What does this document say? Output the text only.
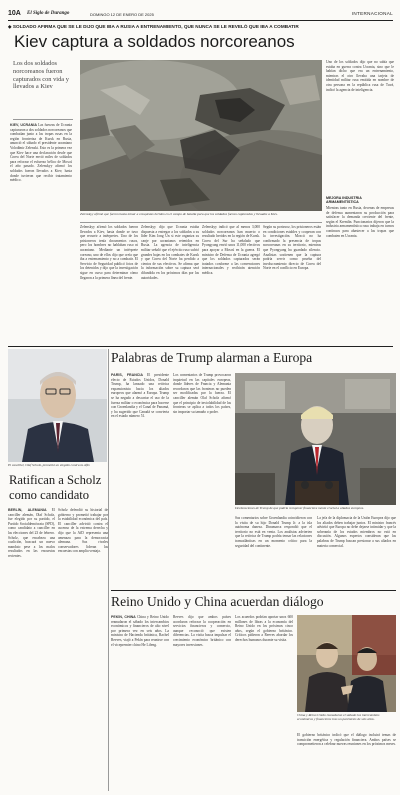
10A El Siglo de Durango	DOMINGO 12 DE ENERO DE 2025	INTERNACIONAL
◆ SOLDADO AFIRMA QUE SE LE DIJO QUE IBA A RUSIA A ENTRENAMIENTO, QUE NUNCA SE LE REVELÓ QUE IBA A COMBATIR
Kiev captura a soldados norcoreanos
Los dos soldados norcoreanos fueron capturados con vida y llevados a Kiev
KIEV, UCRANIA Las fuerzas de Ucrania capturaron a dos soldados norcoreanos que combatían junto a las tropas rusas en la región fronteriza de Kursk en Rusia, anunció el sábado el presidente ucraniano Volodímir Zelenski. Esto es la primera vez que Kiev hace una declaración desde que Corea del Norte envió miles de soldados para reforzar el esfuerzo bélico de Moscú el año pasado. Zelenskyy afirmó los soldados fueron llevados a Kiev, hasta donde tuvieron que recibir tratamiento médico.
Zelenskyy afirmó que fueron hasta minar a conquistas heridos en el campo de batalla para que los soldados fueran capturados y llevados a Kiev.
Zelenskyy afirmó los soldados fueron llevados a Kiev, hasta donde se tuvo que recurrir a intérpretes. Uno de los prisioneros tenía documentos rusos, pero los hombres no hablaban ruso ni ucraniano. Mediante un intérprete coreano, uno de ellos dijo que creía que iba a entrenamiento y no a combatir. El Servicio de Seguridad publicó fotos de los detenidos y dijo que la investigación sigue en curso para determinar cómo llegaron a la primera línea del frente.
Zelenskyy dijo que Ucrania estaba dispuesta a entregar a los soldados a su líder Kim Jong Un si este organiza su canje por ucranianos retenidos en Rusia. La agencia de inteligencia militar señaló que el ejército ruso sufrió grandes bajas en los combates de Kursk y que Corea del Norte ha perdido a cientos de sus efectivos. Se afirma que la información sobre su captura será difundida en los próximos días por las autoridades.
Zelenskyy indicó que al menos 3,000 soldados norcoreanos han muerto o resultado heridos en la región de Kursk. Corea del Sur ha señalado que Pyongyang envió unos 11,000 efectivos para apoyar a Moscú en la guerra. El ministro de Defensa de Ucrania agregó que los soldados capturados serán tratados conforme a las convenciones internacionales y recibirán atención médica.
Según su portavoz, los prisioneros están en condiciones estables y cooperan con la investigación. Moscú no ha confirmado la presencia de tropas norcoreanas en su territorio, mientras que Pyongyang ha guardado silencio. Analistas sostienen que la captura podría servir como prueba del involucramiento directo de Corea del Norte en el conflicto en Europa.
Uno de los soldados dijo que no sabía que estaba en guerra contra Ucrania, sino que le habían dicho que era un entrenamiento, mientras el otro llevaba una tarjeta de identidad militar rusa emitida en nombre de otra persona en la república rusa de Tuvá, indicó la agencia de inteligencia.
MEJORA INDUSTRIA ARMAMENTÍSTICA
Mientras tanto en Rusia, decenas de empresas de defensa aumentaron su producción para satisfacer la demanda creciente del frente, según el Kremlin. Funcionarios dijeron que la industria armamentística rusa trabaja en turnos continuos para abastecer a las tropas que combaten en Ucrania.
Palabras de Trump alarman a Europa
PARÍS, FRANCIA El presidente electo de Estados Unidos, Donald Trump, ha lanzado una retórica expansionista hacia los aliados europeos que alarmó a Europa. Trump se ha negado a descartar el uso de la fuerza militar o económica para hacerse con Groenlandia y el Canal de Panamá, y ha sugerido que Canadá se convierta en el estado número 51.
Los comentarios de Trump provocaron inquietud en las capitales europeas, donde líderes de Francia y Alemania recordaron que las fronteras no pueden ser modificadas por la fuerza. El canciller alemán Olaf Scholz afirmó que el principio de inviolabilidad de las fronteras se aplica a todos los países, sin importar su tamaño o poder.
Declaraciones de Trump de que podría recuperar financiera mente crucial a aliados europeos.
Sus comentarios sobre Groenlandia coincidieron con la visita de su hijo Donald Trump Jr. a la isla autónoma danesa. Dinamarca respondió que el territorio no está en venta. Los analistas advierten que la retórica de Trump podría tensar las relaciones transatlánticas en un momento crítico para la seguridad del continente.
La jefa de la diplomacia de la Unión Europea dijo que los aliados deben trabajar juntos. El ministro francés advirtió que Europa no debe dejarse intimidar y que la soberanía de los estados miembros no está en discusión. Algunos expertos consideran que las palabras de Trump buscan presionar a sus aliados en materia comercial.
El canciller, Olaf Scholz, prometió un elegido contra la AfD.
Ratifican a Scholz como candidato
BERLÍN, ALEMANIA El canciller alemán, Olaf Scholz, fue elegido por su partido, el Partido Socialdemócrata (SPD), como candidato a canciller en las elecciones del 23 de febrero. Scholz, que encabeza una coalición, buscará un nuevo mandato pese a los malos resultados en las encuestas recientes.
Scholz defendió su historial de gobierno y prometió trabajar por la estabilidad económica del país. El canciller advirtió contra el ascenso de la extrema derecha y dijo que la AfD representa una amenaza para la democracia alemana. Sus rivales conservadores lideran las encuestas con amplia ventaja.
Reino Unido y China acuerdan diálogo
PEKÍN, CHINA China y Reino Unido reanudaron el sábado los intercambios económicos y financieros de alto nivel por primera vez en seis años. La ministra de Hacienda británica, Rachel Reeves, viajó a Pekín para reunirse con el vicepremier chino He Lifeng.
Reeves dijo que ambos países acordaron reforzar la cooperación en servicios financieros y comercio, aunque reconoció que existen diferencias. La visita busca impulsar el crecimiento económico británico con mayores inversiones.
Los acuerdos podrían aportar unos 600 millones de libras a la economía del Reino Unido en los próximos cinco años, según el gobierno británico. Críticos pidieron a Reeves abordar los derechos humanos durante su visita.
China y Reino Unido reanudaron el sábado los intercambios económicos y financieros tras un paréntesis de seis años.
El gobierno británico indicó que el diálogo incluirá temas de transición energética y regulación financiera. Ambos países se comprometieron a celebrar nuevas reuniones en los próximos meses.
